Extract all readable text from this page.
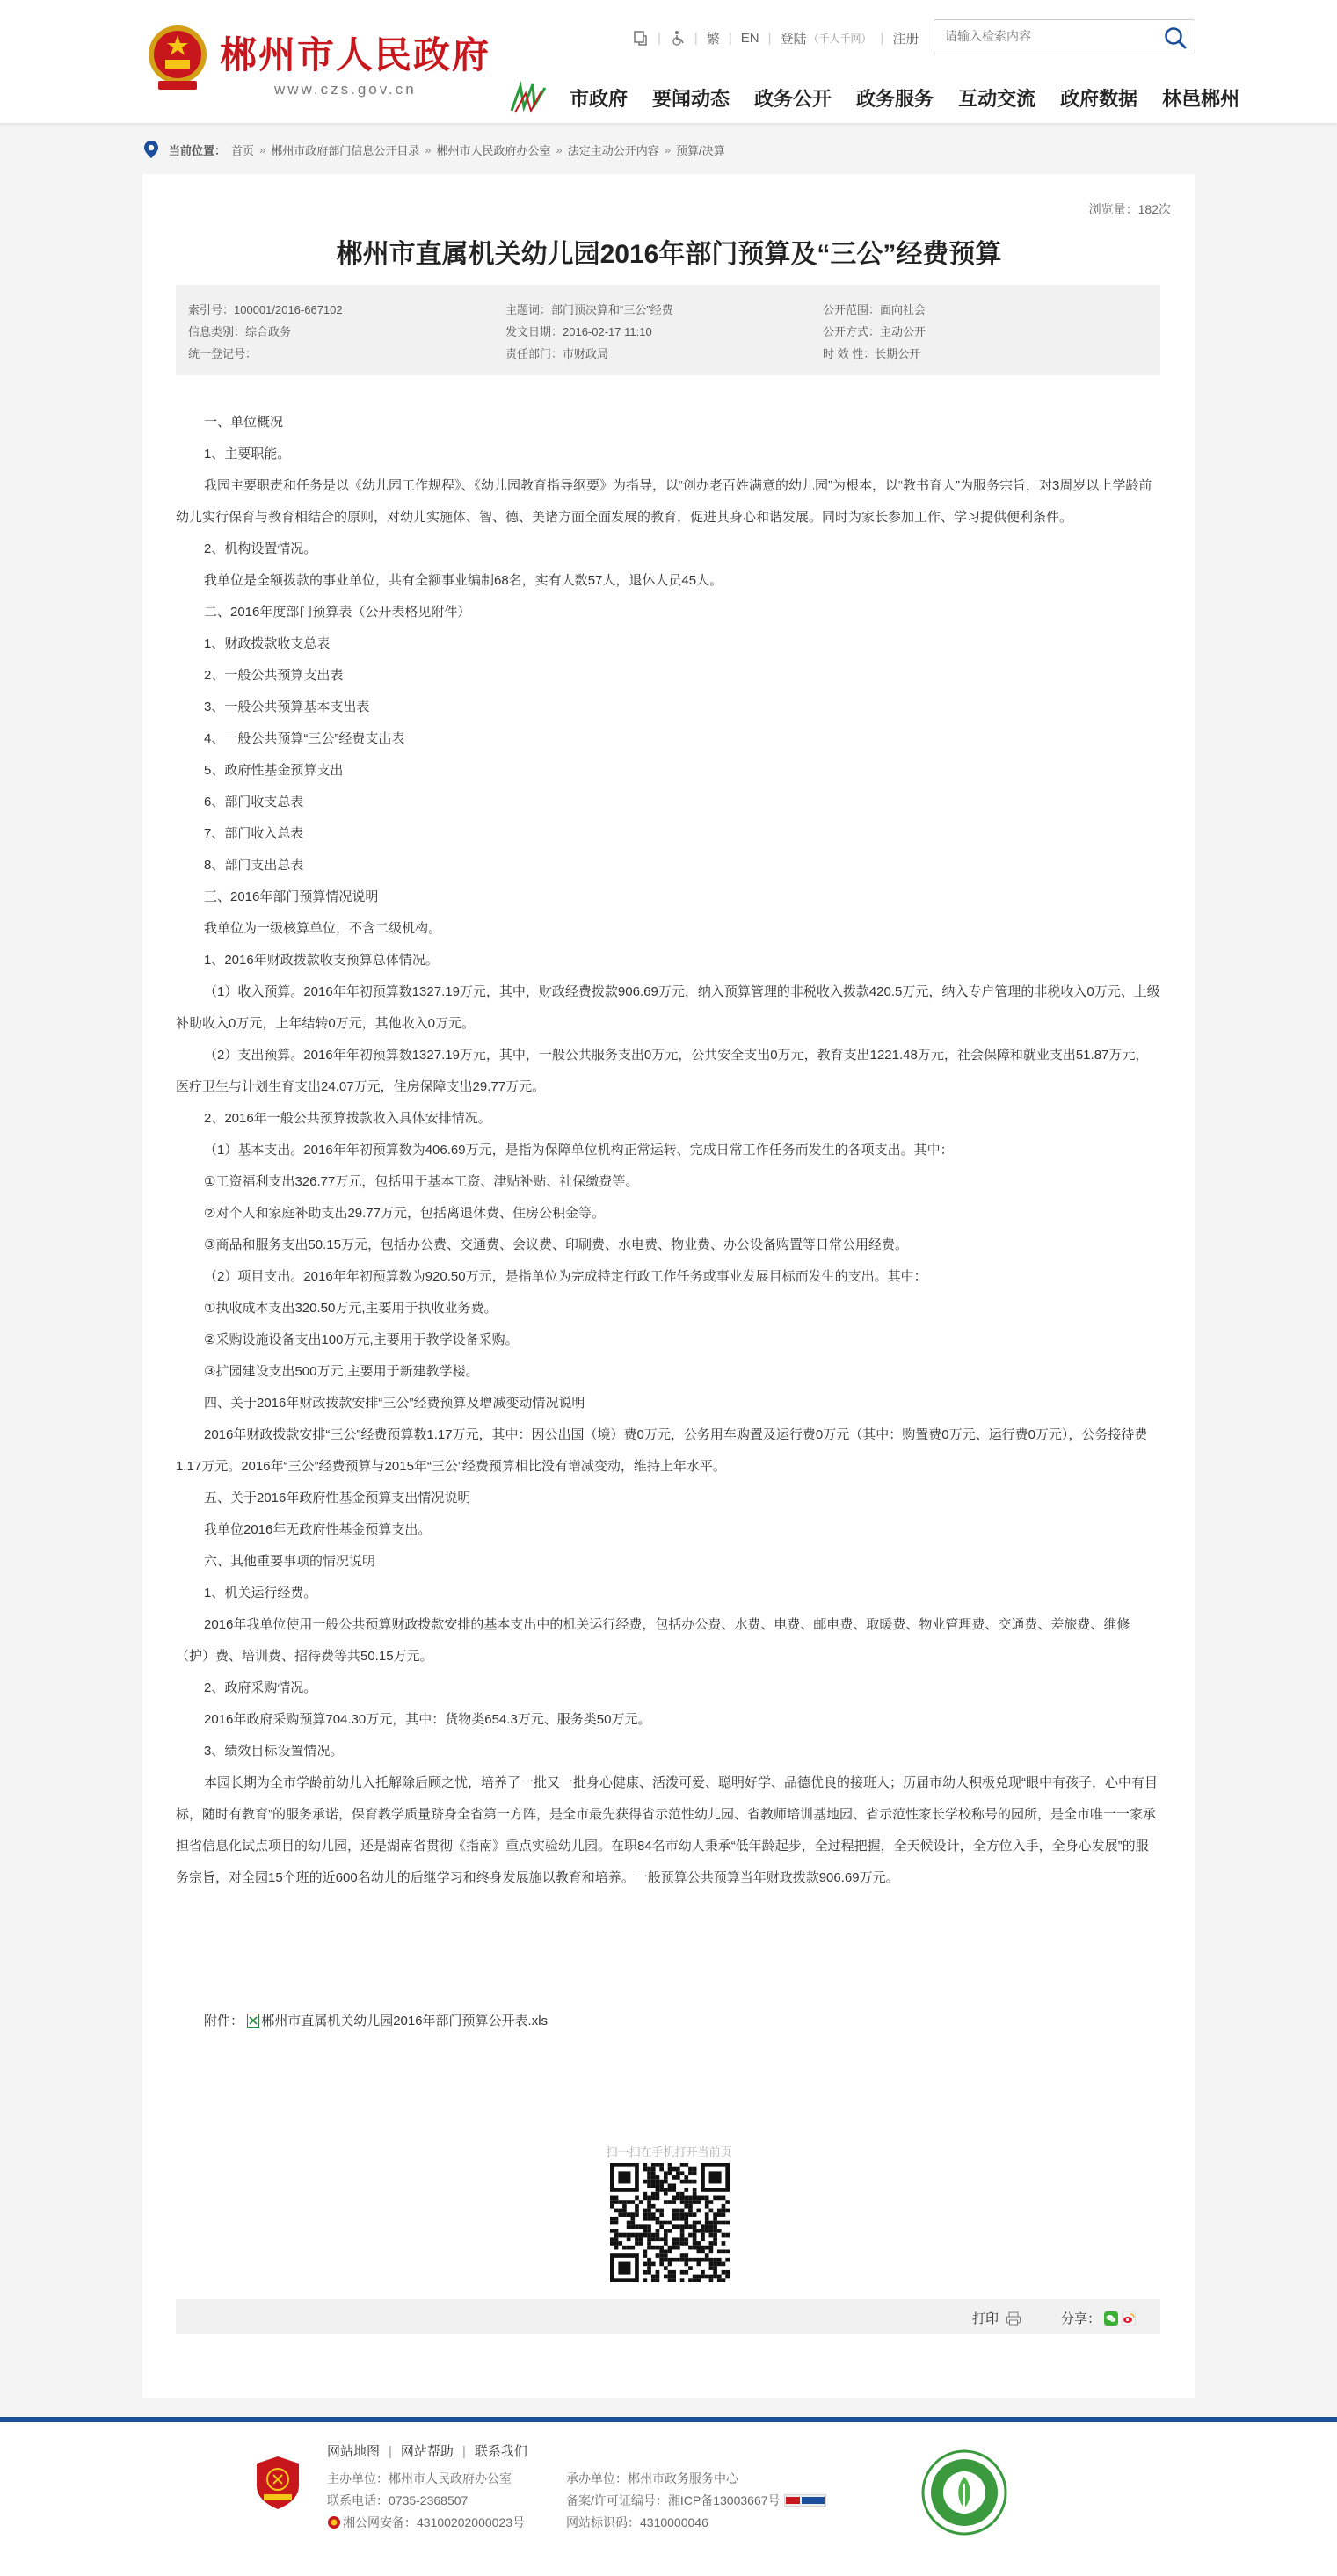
郴州市人民政府
www.czs.gov.cn
|	| 繁 | EN | 登陆 （千人千网） | 注册
请输入检索内容
市政府 要闻动态 政务公开 政务服务 互动交流 政府数据 林邑郴州
当前位置： 首页 » 郴州市政府部门信息公开目录 » 郴州市人民政府办公室 » 法定主动公开内容 » 预算/决算
浏览量：182次
郴州市直属机关幼儿园2016年部门预算及“三公”经费预算
索引号：100001/2016-667102	主题词：部门预决算和“三公”经费	公开范围：面向社会
信息类别：综合政务	发文日期：2016-02-17 11:10	公开方式：主动公开
统一登记号：	责任部门：市财政局	时 效 性：长期公开

一、单位概况

1、主要职能。

我园主要职责和任务是以《幼儿园工作规程》、《幼儿园教育指导纲要》为指导，以“创办老百姓满意的幼儿园”为根本，以“教书育人”为服务宗旨，对3周岁以上学龄前幼儿实行保育与教育相结合的原则，对幼儿实施体、智、德、美诸方面全面发展的教育，促进其身心和谐发展。同时为家长参加工作、学习提供便利条件。

2、机构设置情况。

我单位是全额拨款的事业单位，共有全额事业编制68名，实有人数57人，退休人员45人。

二、2016年度部门预算表（公开表格见附件）

1、财政拨款收支总表

2、一般公共预算支出表

3、一般公共预算基本支出表

4、一般公共预算“三公”经费支出表

5、政府性基金预算支出

6、部门收支总表

7、部门收入总表

8、部门支出总表

三、2016年部门预算情况说明

我单位为一级核算单位，不含二级机构。

1、2016年财政拨款收支预算总体情况。

（1）收入预算。2016年年初预算数1327.19万元，其中，财政经费拨款906.69万元，纳入预算管理的非税收入拨款420.5万元，纳入专户管理的非税收入0万元、上级补助收入0万元，上年结转0万元，其他收入0万元。

（2）支出预算。2016年年初预算数1327.19万元，其中，一般公共服务支出0万元，公共安全支出0万元，教育支出1221.48万元，社会保障和就业支出51.87万元，医疗卫生与计划生育支出24.07万元，住房保障支出29.77万元。

2、2016年一般公共预算拨款收入具体安排情况。

（1）基本支出。2016年年初预算数为406.69万元，是指为保障单位机构正常运转、完成日常工作任务而发生的各项支出。其中：

①工资福利支出326.77万元，包括用于基本工资、津贴补贴、社保缴费等。

②对个人和家庭补助支出29.77万元，包括离退休费、住房公积金等。

③商品和服务支出50.15万元，包括办公费、交通费、会议费、印刷费、水电费、物业费、办公设备购置等日常公用经费。

（2）项目支出。2016年年初预算数为920.50万元，是指单位为完成特定行政工作任务或事业发展目标而发生的支出。其中：

①执收成本支出320.50万元,主要用于执收业务费。

②采购设施设备支出100万元,主要用于教学设备采购。

③扩园建设支出500万元,主要用于新建教学楼。

四、关于2016年财政拨款安排“三公”经费预算及增减变动情况说明

2016年财政拨款安排“三公”经费预算数1.17万元，其中：因公出国（境）费0万元，公务用车购置及运行费0万元（其中：购置费0万元、运行费0万元），公务接待费1.17万元。2016年“三公”经费预算与2015年“三公”经费预算相比没有增减变动，维持上年水平。

五、关于2016年政府性基金预算支出情况说明

我单位2016年无政府性基金预算支出。

六、其他重要事项的情况说明

1、机关运行经费。

2016年我单位使用一般公共预算财政拨款安排的基本支出中的机关运行经费，包括办公费、水费、电费、邮电费、取暖费、物业管理费、交通费、差旅费、维修（护）费、培训费、招待费等共50.15万元。

2、政府采购情况。

2016年政府采购预算704.30万元，其中：货物类654.3万元、服务类50万元。

3、绩效目标设置情况。

本园长期为全市学龄前幼儿入托解除后顾之忧，培养了一批又一批身心健康、活泼可爱、聪明好学、品德优良的接班人；历届市幼人积极兑现“眼中有孩子，心中有目标，随时有教育”的服务承诺，保育教学质量跻身全省第一方阵，是全市最先获得省示范性幼儿园、省教师培训基地园、省示范性家长学校称号的园所，是全市唯一一家承担省信息化试点项目的幼儿园，还是湖南省贯彻《指南》重点实验幼儿园。在职84名市幼人秉承“低年龄起步，全过程把握，全天候设计，全方位入手，全身心发展”的服务宗旨，对全园15个班的近600名幼儿的后继学习和终身发展施以教育和培养。一般预算公共预算当年财政拨款906.69万元。

附件： 郴州市直属机关幼儿园2016年部门预算公开表.xls
扫一扫在手机打开当前页
打印	分享：
网站地图 | 网站帮助 | 联系我们
主办单位：郴州市人民政府办公室
联系电话：0735-2368507
湘公网安备：43100202000023号
承办单位：郴州市政务服务中心
备案/许可证编号：湘ICP备13003667号
网站标识码：4310000046
